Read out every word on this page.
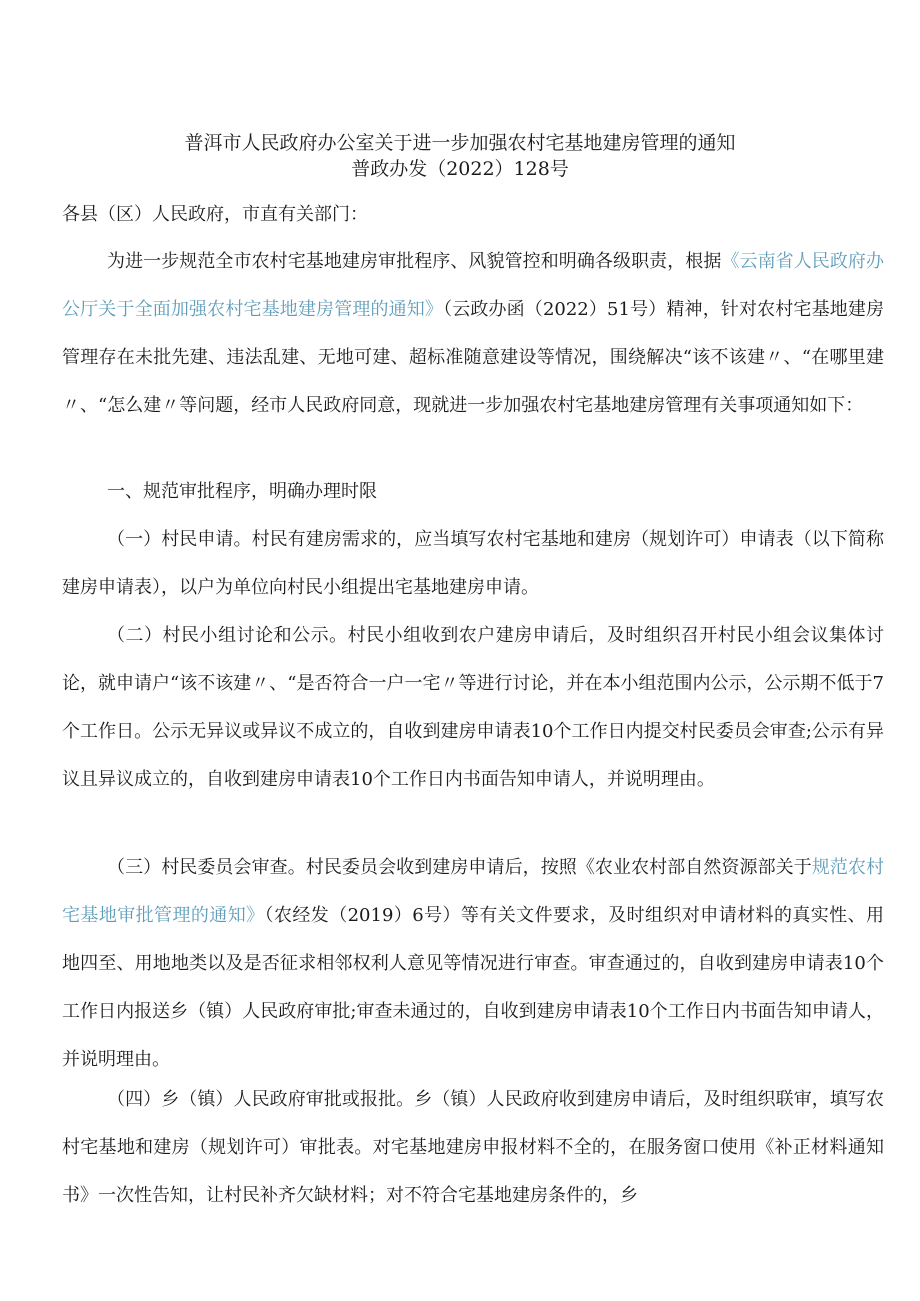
普洱市人民政府办公室关于进一步加强农村宅基地建房管理的通知
普政办发（2022）128号

各县（区）人民政府，市直有关部门：

为进一步规范全市农村宅基地建房审批程序、风貌管控和明确各级职责，根据《云南省人民政府办公厅关于全面加强农村宅基地建房管理的通知》（云政办函（2022）51号）精神，针对农村宅基地建房管理存在未批先建、违法乱建、无地可建、超标准随意建设等情况，围绕解决“该不该建〃、“在哪里建〃、“怎么建〃等问题，经市人民政府同意，现就进一步加强农村宅基地建房管理有关事项通知如下：

一、规范审批程序，明确办理时限

（一）村民申请。村民有建房需求的，应当填写农村宅基地和建房（规划许可）申请表（以下简称建房申请表），以户为单位向村民小组提出宅基地建房申请。

（二）村民小组讨论和公示。村民小组收到农户建房申请后，及时组织召开村民小组会议集体讨论，就申请户“该不该建〃、“是否符合一户一宅〃等进行讨论，并在本小组范围内公示，公示期不低于7个工作日。公示无异议或异议不成立的，自收到建房申请表10个工作日内提交村民委员会审查;公示有异议且异议成立的，自收到建房申请表10个工作日内书面告知申请人，并说明理由。

（三）村民委员会审查。村民委员会收到建房申请后，按照《农业农村部自然资源部关于规范农村宅基地审批管理的通知》（农经发（2019）6号）等有关文件要求，及时组织对申请材料的真实性、用地四至、用地地类以及是否征求相邻权利人意见等情况进行审查。审查通过的，自收到建房申请表10个工作日内报送乡（镇）人民政府审批;审查未通过的，自收到建房申请表10个工作日内书面告知申请人，并说明理由。

（四）乡（镇）人民政府审批或报批。乡（镇）人民政府收到建房申请后，及时组织联审，填写农村宅基地和建房（规划许可）审批表。对宅基地建房申报材料不全的，在服务窗口使用《补正材料通知书》一次性告知，让村民补齐欠缺材料；对不符合宅基地建房条件的，乡
